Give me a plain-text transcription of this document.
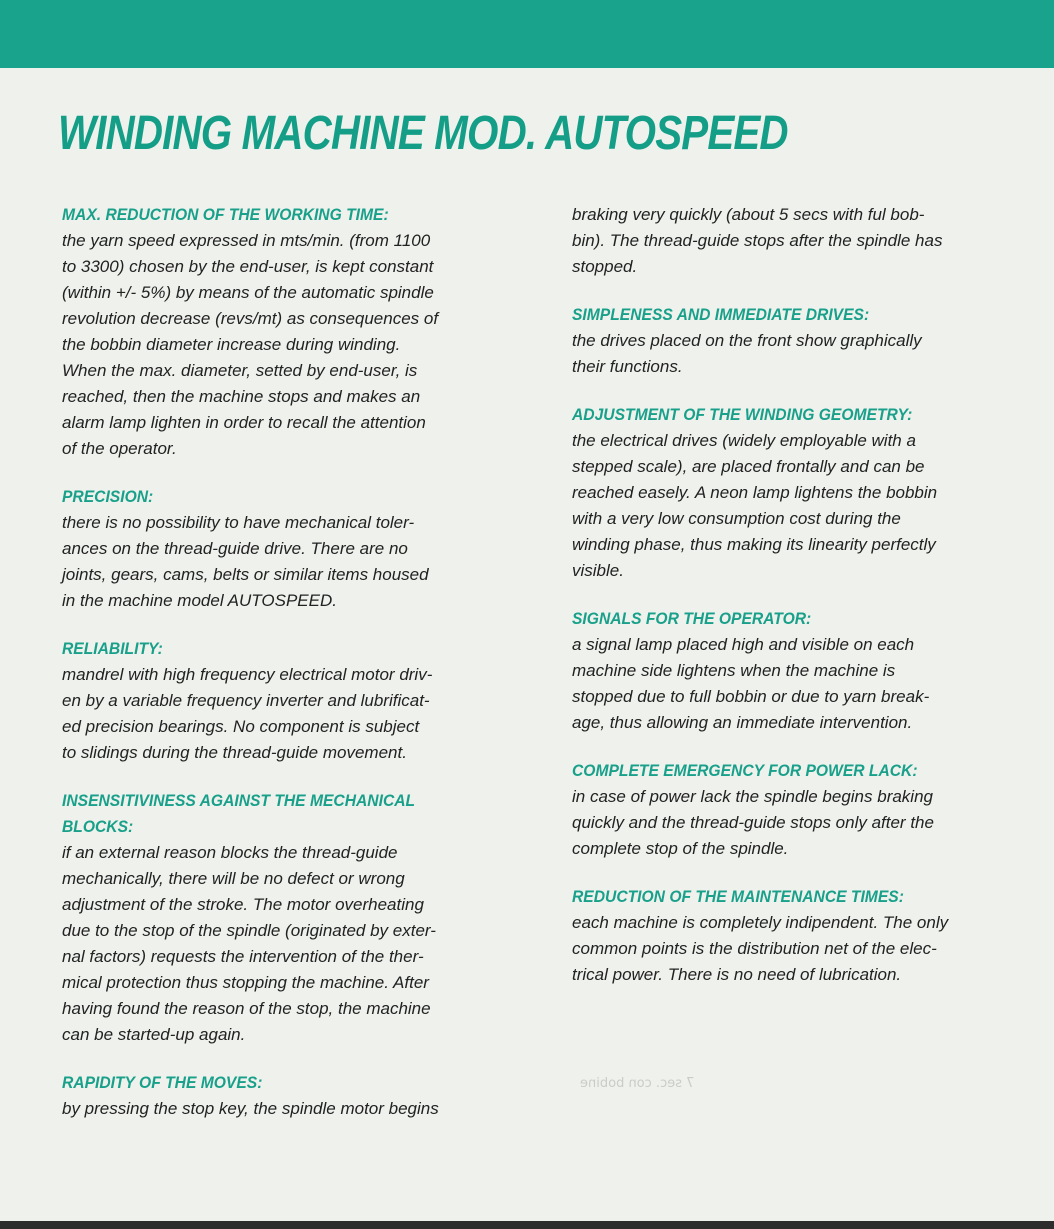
WINDING MACHINE MOD. AUTOSPEED

MAX. REDUCTION OF THE WORKING TIME:

the yarn speed expressed in mts/min. (from 1100
to 3300) chosen by the end-user, is kept constant
(within +/- 5%) by means of the automatic spindle
revolution decrease (revs/mt) as consequences of
the bobbin diameter increase during winding.
When the max. diameter, setted by end-user, is
reached, then the machine stops and makes an
alarm lamp lighten in order to recall the attention
of the operator.

PRECISION:

there is no possibility to have mechanical toler-
ances on the thread-guide drive. There are no
joints, gears, cams, belts or similar items housed
in the machine model AUTOSPEED.

RELIABILITY:

mandrel with high frequency electrical motor driv-
en by a variable frequency inverter and lubrificat-
ed precision bearings. No component is subject
to slidings during the thread-guide movement.

INSENSITIVINESS AGAINST THE MECHANICAL
BLOCKS:

if an external reason blocks the thread-guide
mechanically, there will be no defect or wrong
adjustment of the stroke. The motor overheating
due to the stop of the spindle (originated by exter-
nal factors) requests the intervention of the ther-
mical protection thus stopping the machine. After
having found the reason of the stop, the machine
can be started-up again.

RAPIDITY OF THE MOVES:

by pressing the stop key, the spindle motor begins

braking very quickly (about 5 secs with ful bob-
bin). The thread-guide stops after the spindle has
stopped.

SIMPLENESS AND IMMEDIATE DRIVES:

the drives placed on the front show graphically
their functions.

ADJUSTMENT OF THE WINDING GEOMETRY:

the electrical drives (widely employable with a
stepped scale), are placed frontally and can be
reached easely. A neon lamp lightens the bobbin
with a very low consumption cost during the
winding phase, thus making its linearity perfectly
visible.

SIGNALS FOR THE OPERATOR:

a signal lamp placed high and visible on each
machine side lightens when the machine is
stopped due to full bobbin or due to yarn break-
age, thus allowing an immediate intervention.

COMPLETE EMERGENCY FOR POWER LACK:

in case of power lack the spindle begins braking
quickly and the thread-guide stops only after the
complete stop of the spindle.

REDUCTION OF THE MAINTENANCE TIMES:

each machine is completely indipendent. The only
common points is the distribution net of the elec-
trical power. There is no need of lubrication.

7 sec. con bobine
